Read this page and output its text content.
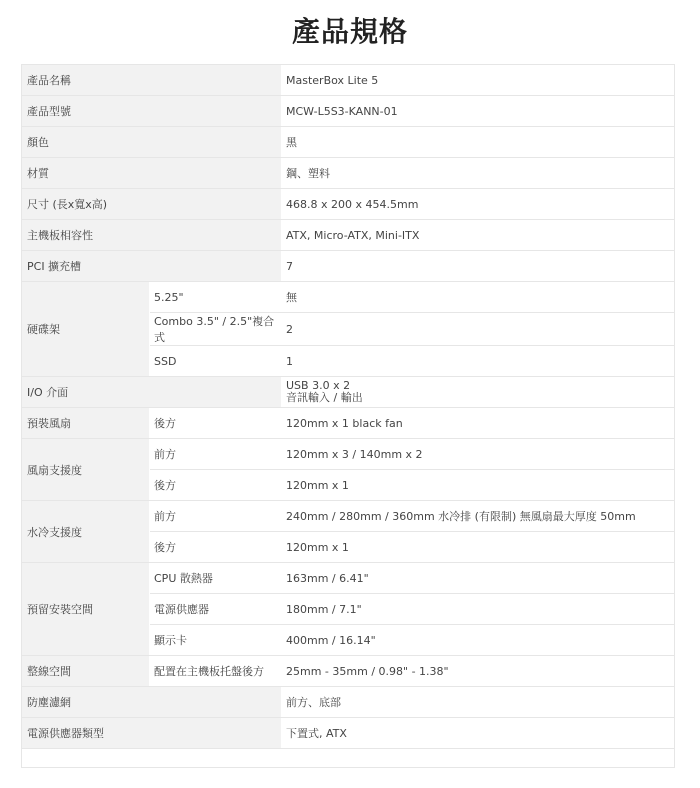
產品規格
產品名稱		MasterBox Lite 5
產品型號		MCW-L5S3-KANN-01
顏色		黑
材質		鋼、塑料
尺寸 (長x寬x高)		468.8 x 200 x 454.5mm
主機板相容性		ATX, Micro-ATX, Mini-ITX
PCI 擴充槽		7
硬碟架	5.25"	無
	Combo 3.5" / 2.5"複合式	2
	SSD	1
I/O 介面		USB 3.0 x 2
音訊輸入 / 輸出

預裝風扇	後方	120mm x 1 black fan
風扇支援度	前方	120mm x 3 / 140mm x 2
	後方	120mm x 1
水冷支援度	前方	240mm / 280mm / 360mm 水冷排 (有限制) 無風扇最大厚度 50mm
	後方	120mm x 1
預留安裝空間	CPU 散熱器	163mm / 6.41"
	電源供應器	180mm / 7.1"
	顯示卡	400mm / 16.14"
整線空間	配置在主機板托盤後方	25mm - 35mm / 0.98" - 1.38"
防塵濾網		前方、底部
電源供應器類型		下置式, ATX
